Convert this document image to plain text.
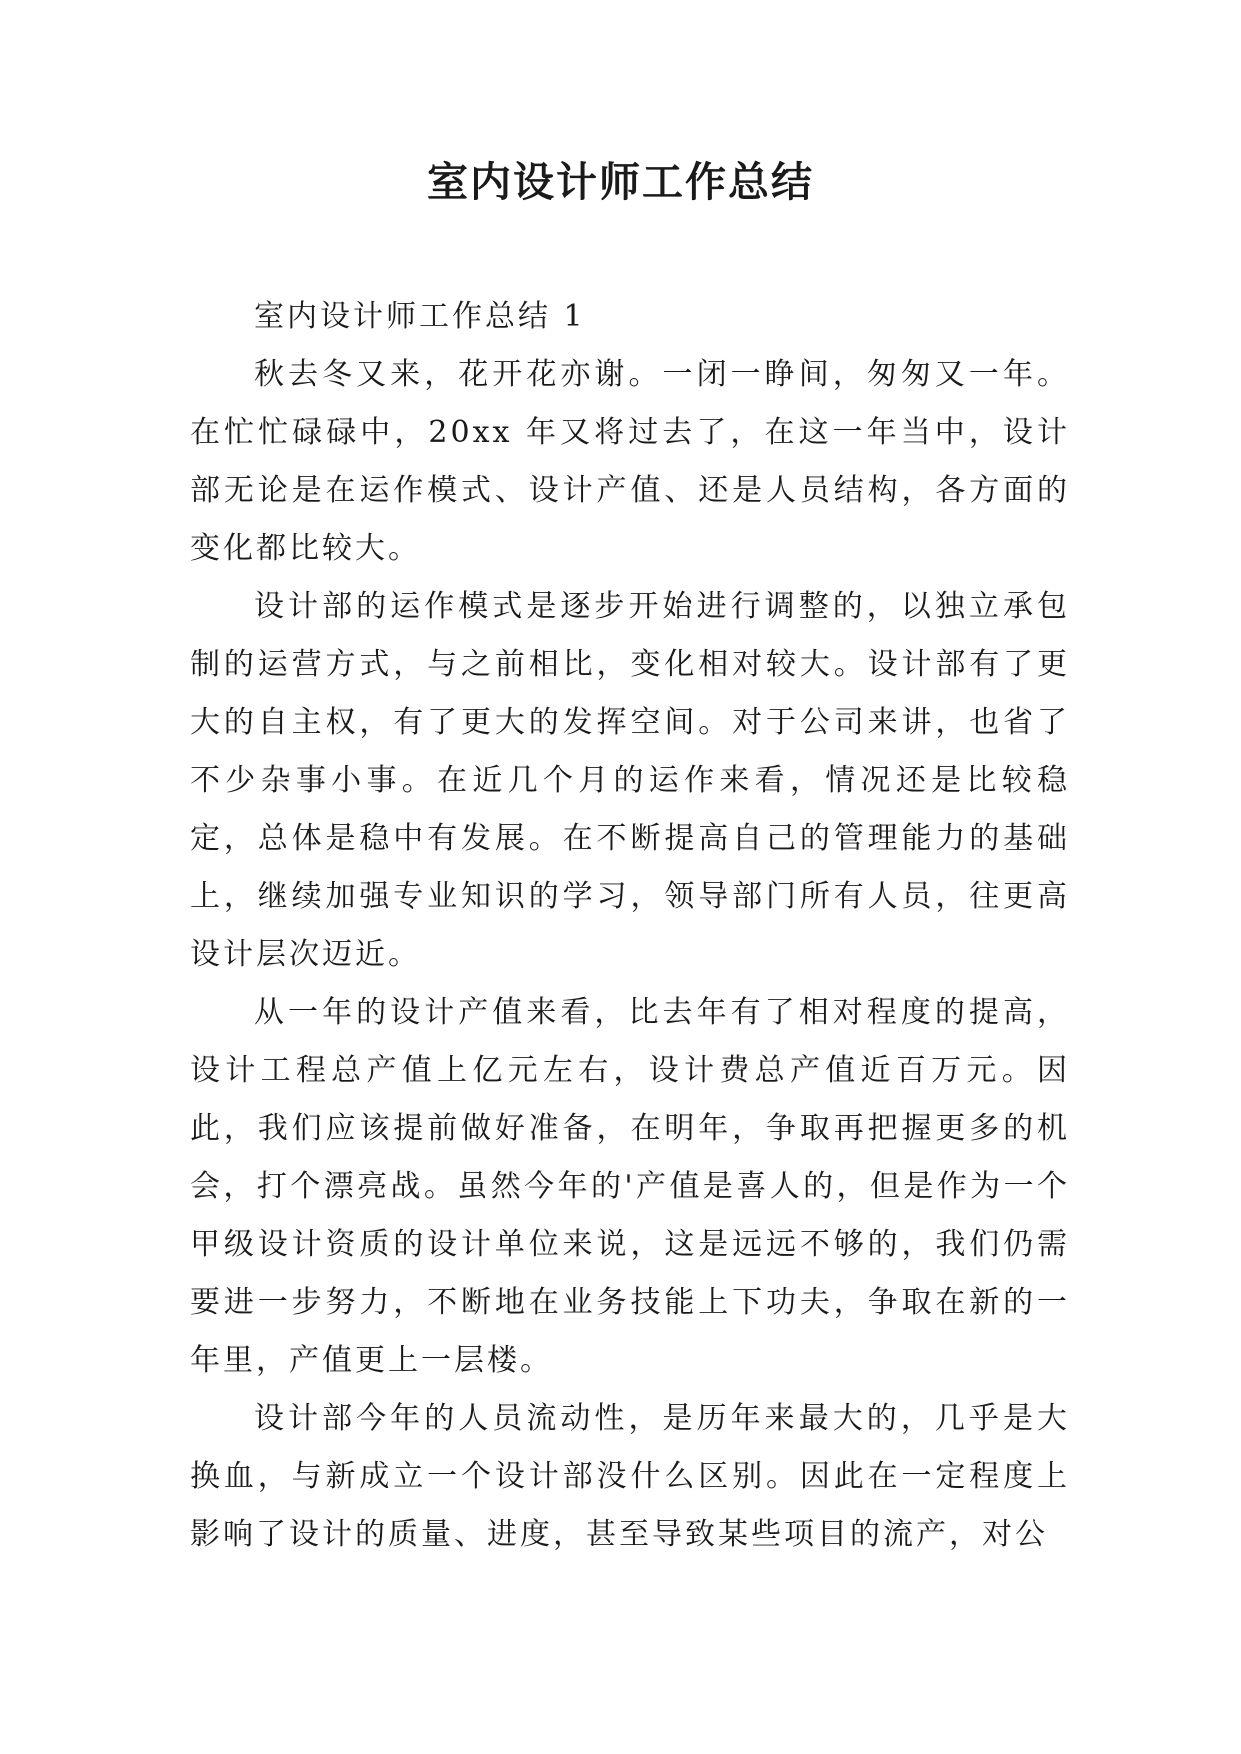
室内设计师工作总结

室内设计师工作总结 1

秋去冬又来，花开花亦谢。一闭一睁间，匆匆又一年。在忙忙碌碌中，20xx 年又将过去了，在这一年当中，设计部无论是在运作模式、设计产值、还是人员结构，各方面的变化都比较大。

设计部的运作模式是逐步开始进行调整的，以独立承包制的运营方式，与之前相比，变化相对较大。设计部有了更大的自主权，有了更大的发挥空间。对于公司来讲，也省了不少杂事小事。在近几个月的运作来看，情况还是比较稳定，总体是稳中有发展。在不断提高自己的管理能力的基础上，继续加强专业知识的学习，领导部门所有人员，往更高设计层次迈近。

从一年的设计产值来看，比去年有了相对程度的提高，设计工程总产值上亿元左右，设计费总产值近百万元。因此，我们应该提前做好准备，在明年，争取再把握更多的机会，打个漂亮战。虽然今年的'产值是喜人的，但是作为一个甲级设计资质的设计单位来说，这是远远不够的，我们仍需要进一步努力，不断地在业务技能上下功夫，争取在新的一年里，产值更上一层楼。

设计部今年的人员流动性，是历年来最大的，几乎是大换血，与新成立一个设计部没什么区别。因此在一定程度上影响了设计的质量、进度，甚至导致某些项目的流产，对公
